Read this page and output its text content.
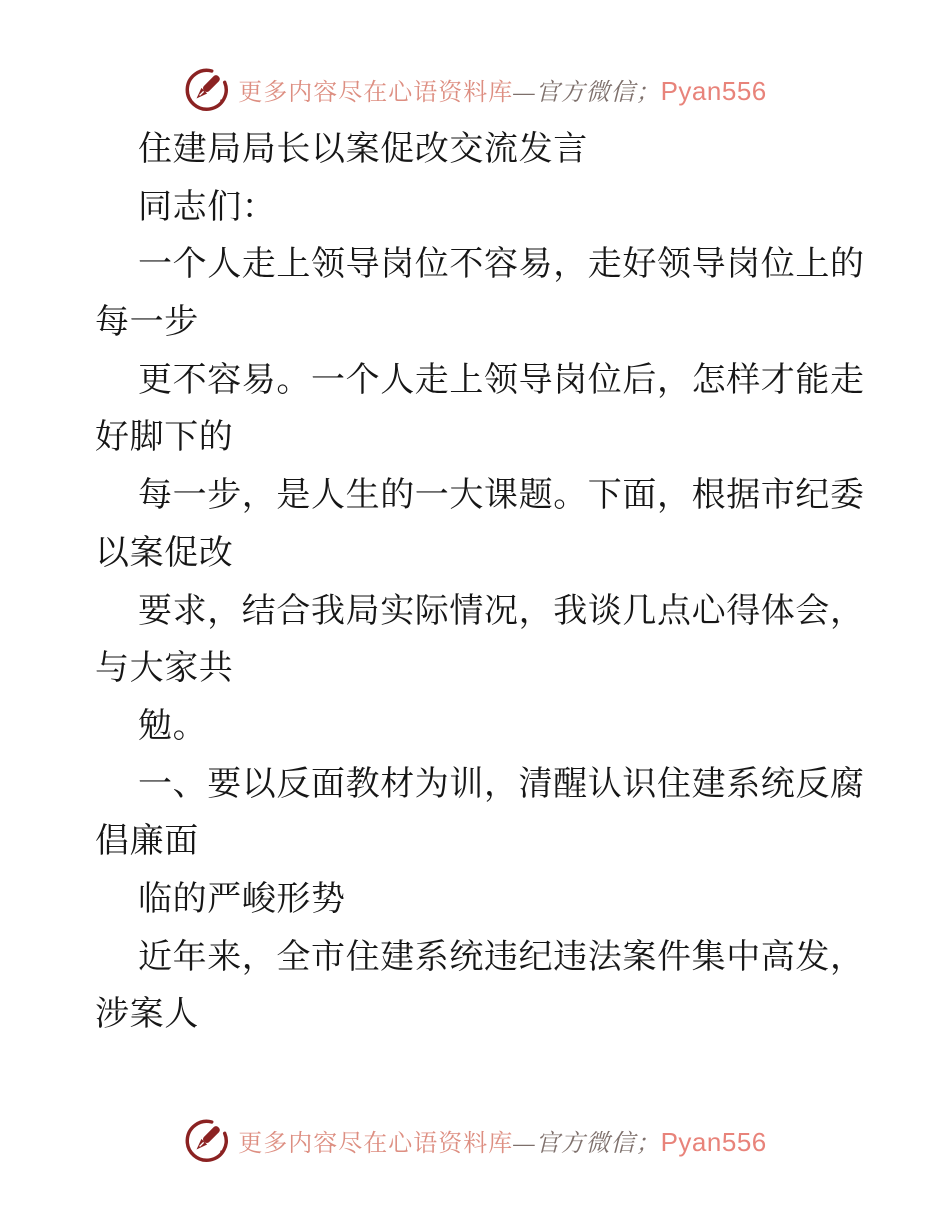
更多内容尽在心语资料库—官方微信；Pyan556
住建局局长以案促改交流发言
同志们：
一个人走上领导岗位不容易，走好领导岗位上的
每一步
更不容易。一个人走上领导岗位后，怎样才能走
好脚下的
每一步，是人生的一大课题。下面，根据市纪委
以案促改
要求，结合我局实际情况，我谈几点心得体会，
与大家共
勉。
一、要以反面教材为训，清醒认识住建系统反腐
倡廉面
临的严峻形势
近年来，全市住建系统违纪违法案件集中高发，
涉案人
更多内容尽在心语资料库—官方微信；Pyan556
